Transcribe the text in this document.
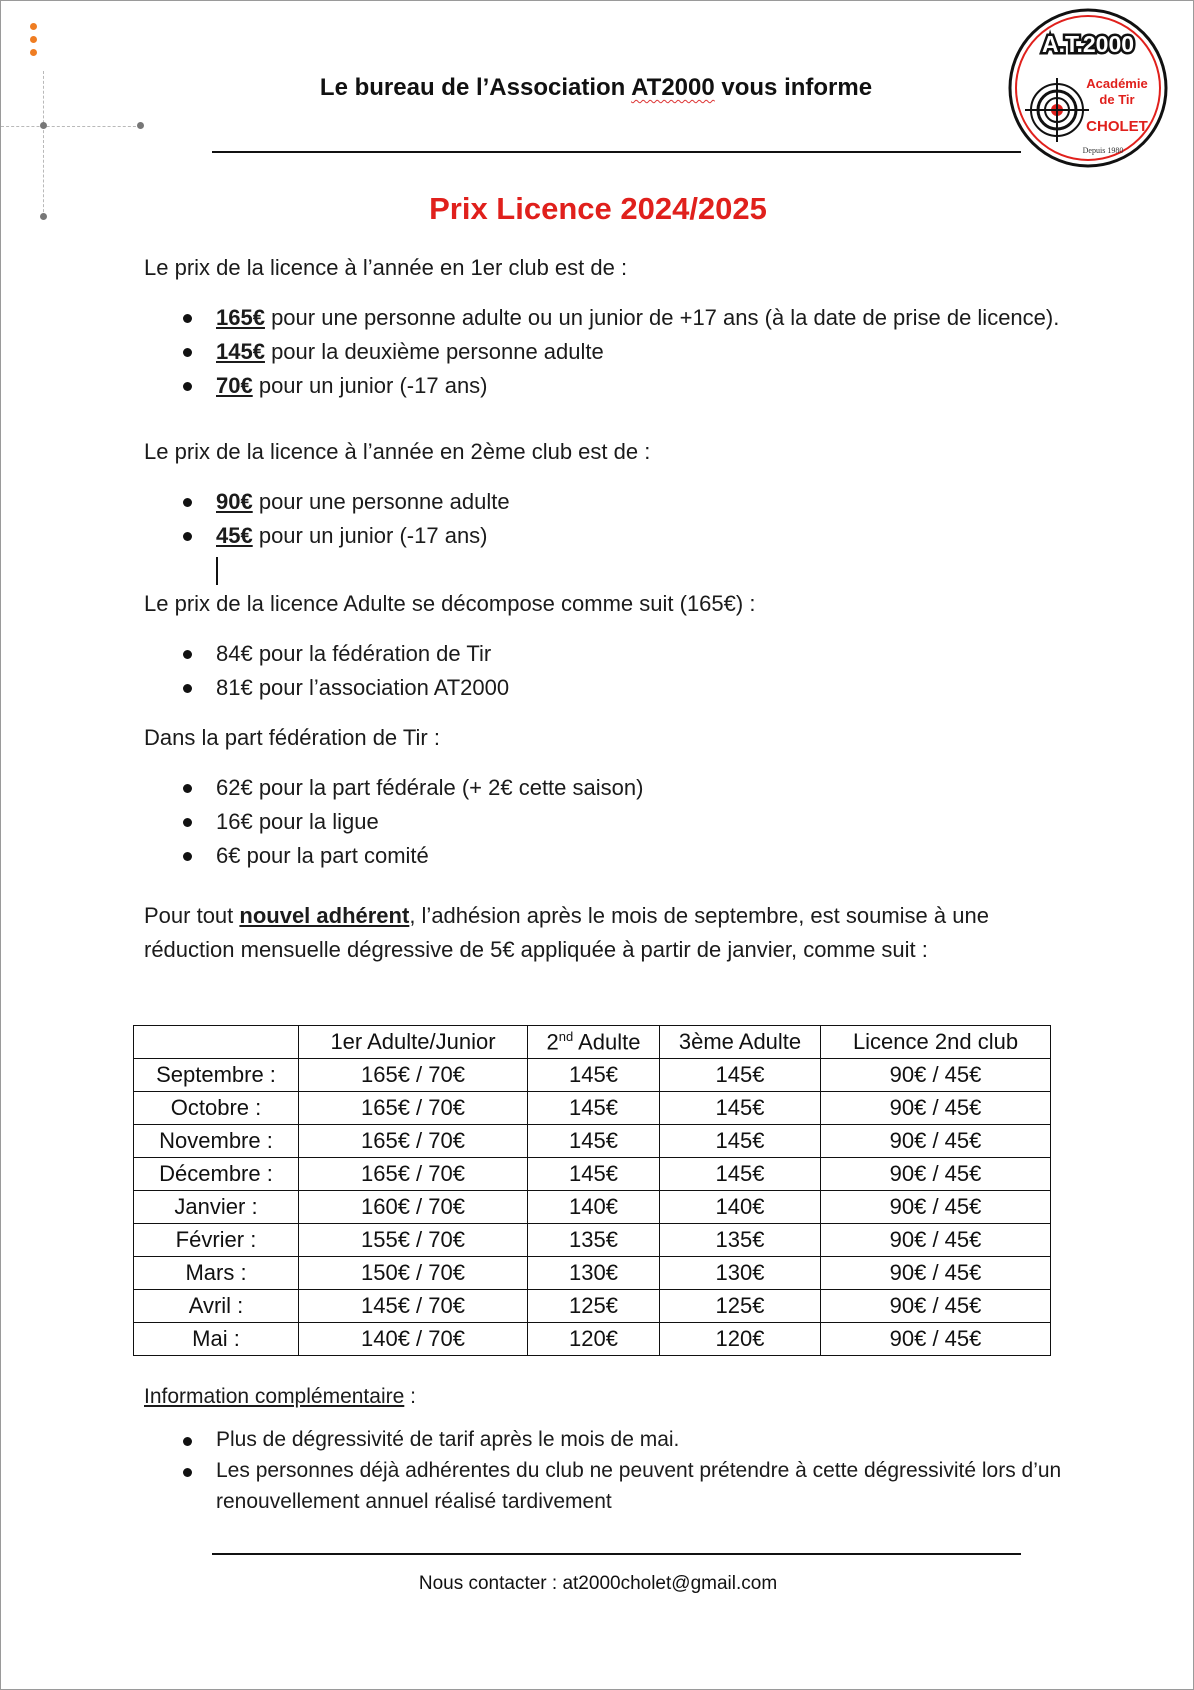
Le bureau de l’Association AT2000 vous informe
A.T.2000
Académie
de Tir
CHOLET
Depuis 1980
Prix Licence 2024/2025

Le prix de la licence à l’année en 1er club est de :

165€ pour une personne adulte ou un junior de +17 ans (à la date de prise de licence).
145€ pour la deuxième personne adulte
70€ pour un junior (-17 ans)

Le prix de la licence à l’année en 2ème club est de :

90€ pour une personne adulte
45€ pour un junior (-17 ans)

Le prix de la licence Adulte se décompose comme suit (165€) :

84€ pour la fédération de Tir
81€ pour l’association AT2000

Dans la part fédération de Tir :

62€ pour la part fédérale (+ 2€ cette saison)
16€ pour la ligue
6€ pour la part comité

Pour tout nouvel adhérent, l’adhésion après le mois de septembre, est soumise à une réduction mensuelle dégressive de 5€ appliquée à partir de janvier, comme suit :

	1er Adulte/Junior	2nd Adulte	3ème Adulte	Licence 2nd club
Septembre :	165€ / 70€	145€	145€	90€ / 45€
Octobre :	165€ / 70€	145€	145€	90€ / 45€
Novembre :	165€ / 70€	145€	145€	90€ / 45€
Décembre :	165€ / 70€	145€	145€	90€ / 45€
Janvier :	160€ / 70€	140€	140€	90€ / 45€
Février :	155€ / 70€	135€	135€	90€ / 45€
Mars :	150€ / 70€	130€	130€	90€ / 45€
Avril :	145€ / 70€	125€	125€	90€ / 45€
Mai :	140€ / 70€	120€	120€	90€ / 45€

Information complémentaire :

Plus de dégressivité de tarif après le mois de mai.
Les personnes déjà adhérentes du club ne peuvent prétendre à cette dégressivité lors d’un renouvellement annuel réalisé tardivement
Nous contacter : at2000cholet@gmail.com
